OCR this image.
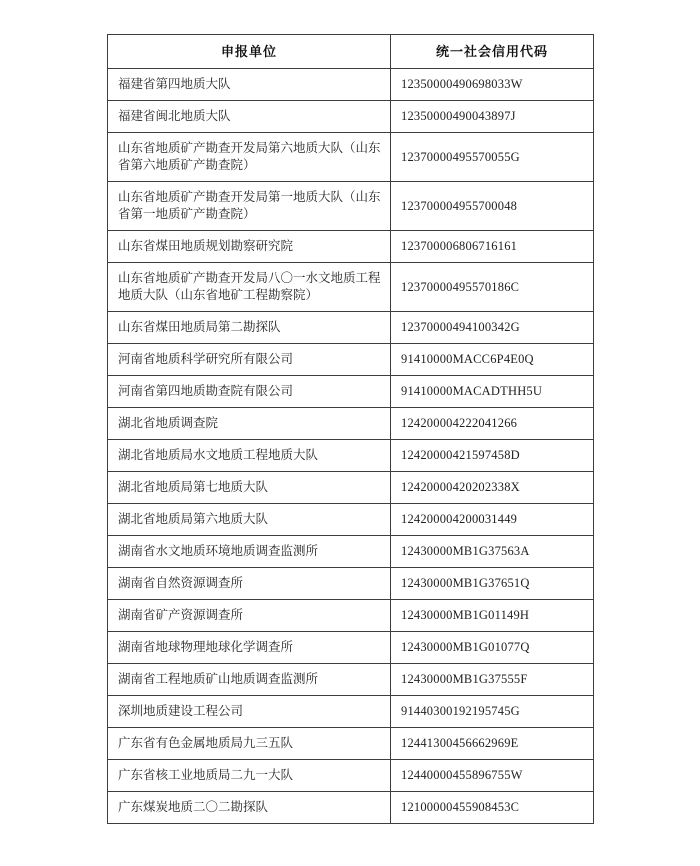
申报单位	统一社会信用代码
福建省第四地质大队	12350000490698033W
福建省闽北地质大队	12350000490043897J
山东省地质矿产勘查开发局第六地质大队（山东省第六地质矿产勘查院）	12370000495570055G
山东省地质矿产勘查开发局第一地质大队（山东省第一地质矿产勘查院）	123700004955700048
山东省煤田地质规划勘察研究院	123700006806716161
山东省地质矿产勘查开发局八〇一水文地质工程地质大队（山东省地矿工程勘察院）	12370000495570186C
山东省煤田地质局第二勘探队	12370000494100342G
河南省地质科学研究所有限公司	91410000MACC6P4E0Q
河南省第四地质勘查院有限公司	91410000MACADTHH5U
湖北省地质调查院	124200004222041266
湖北省地质局水文地质工程地质大队	12420000421597458D
湖北省地质局第七地质大队	12420000420202338X
湖北省地质局第六地质大队	124200004200031449
湖南省水文地质环境地质调查监测所	12430000MB1G37563A
湖南省自然资源调查所	12430000MB1G37651Q
湖南省矿产资源调查所	12430000MB1G01149H
湖南省地球物理地球化学调查所	12430000MB1G01077Q
湖南省工程地质矿山地质调查监测所	12430000MB1G37555F
深圳地质建设工程公司	91440300192195745G
广东省有色金属地质局九三五队	12441300456662969E
广东省核工业地质局二九一大队	12440000455896755W
广东煤炭地质二〇二勘探队	12100000455908453C
